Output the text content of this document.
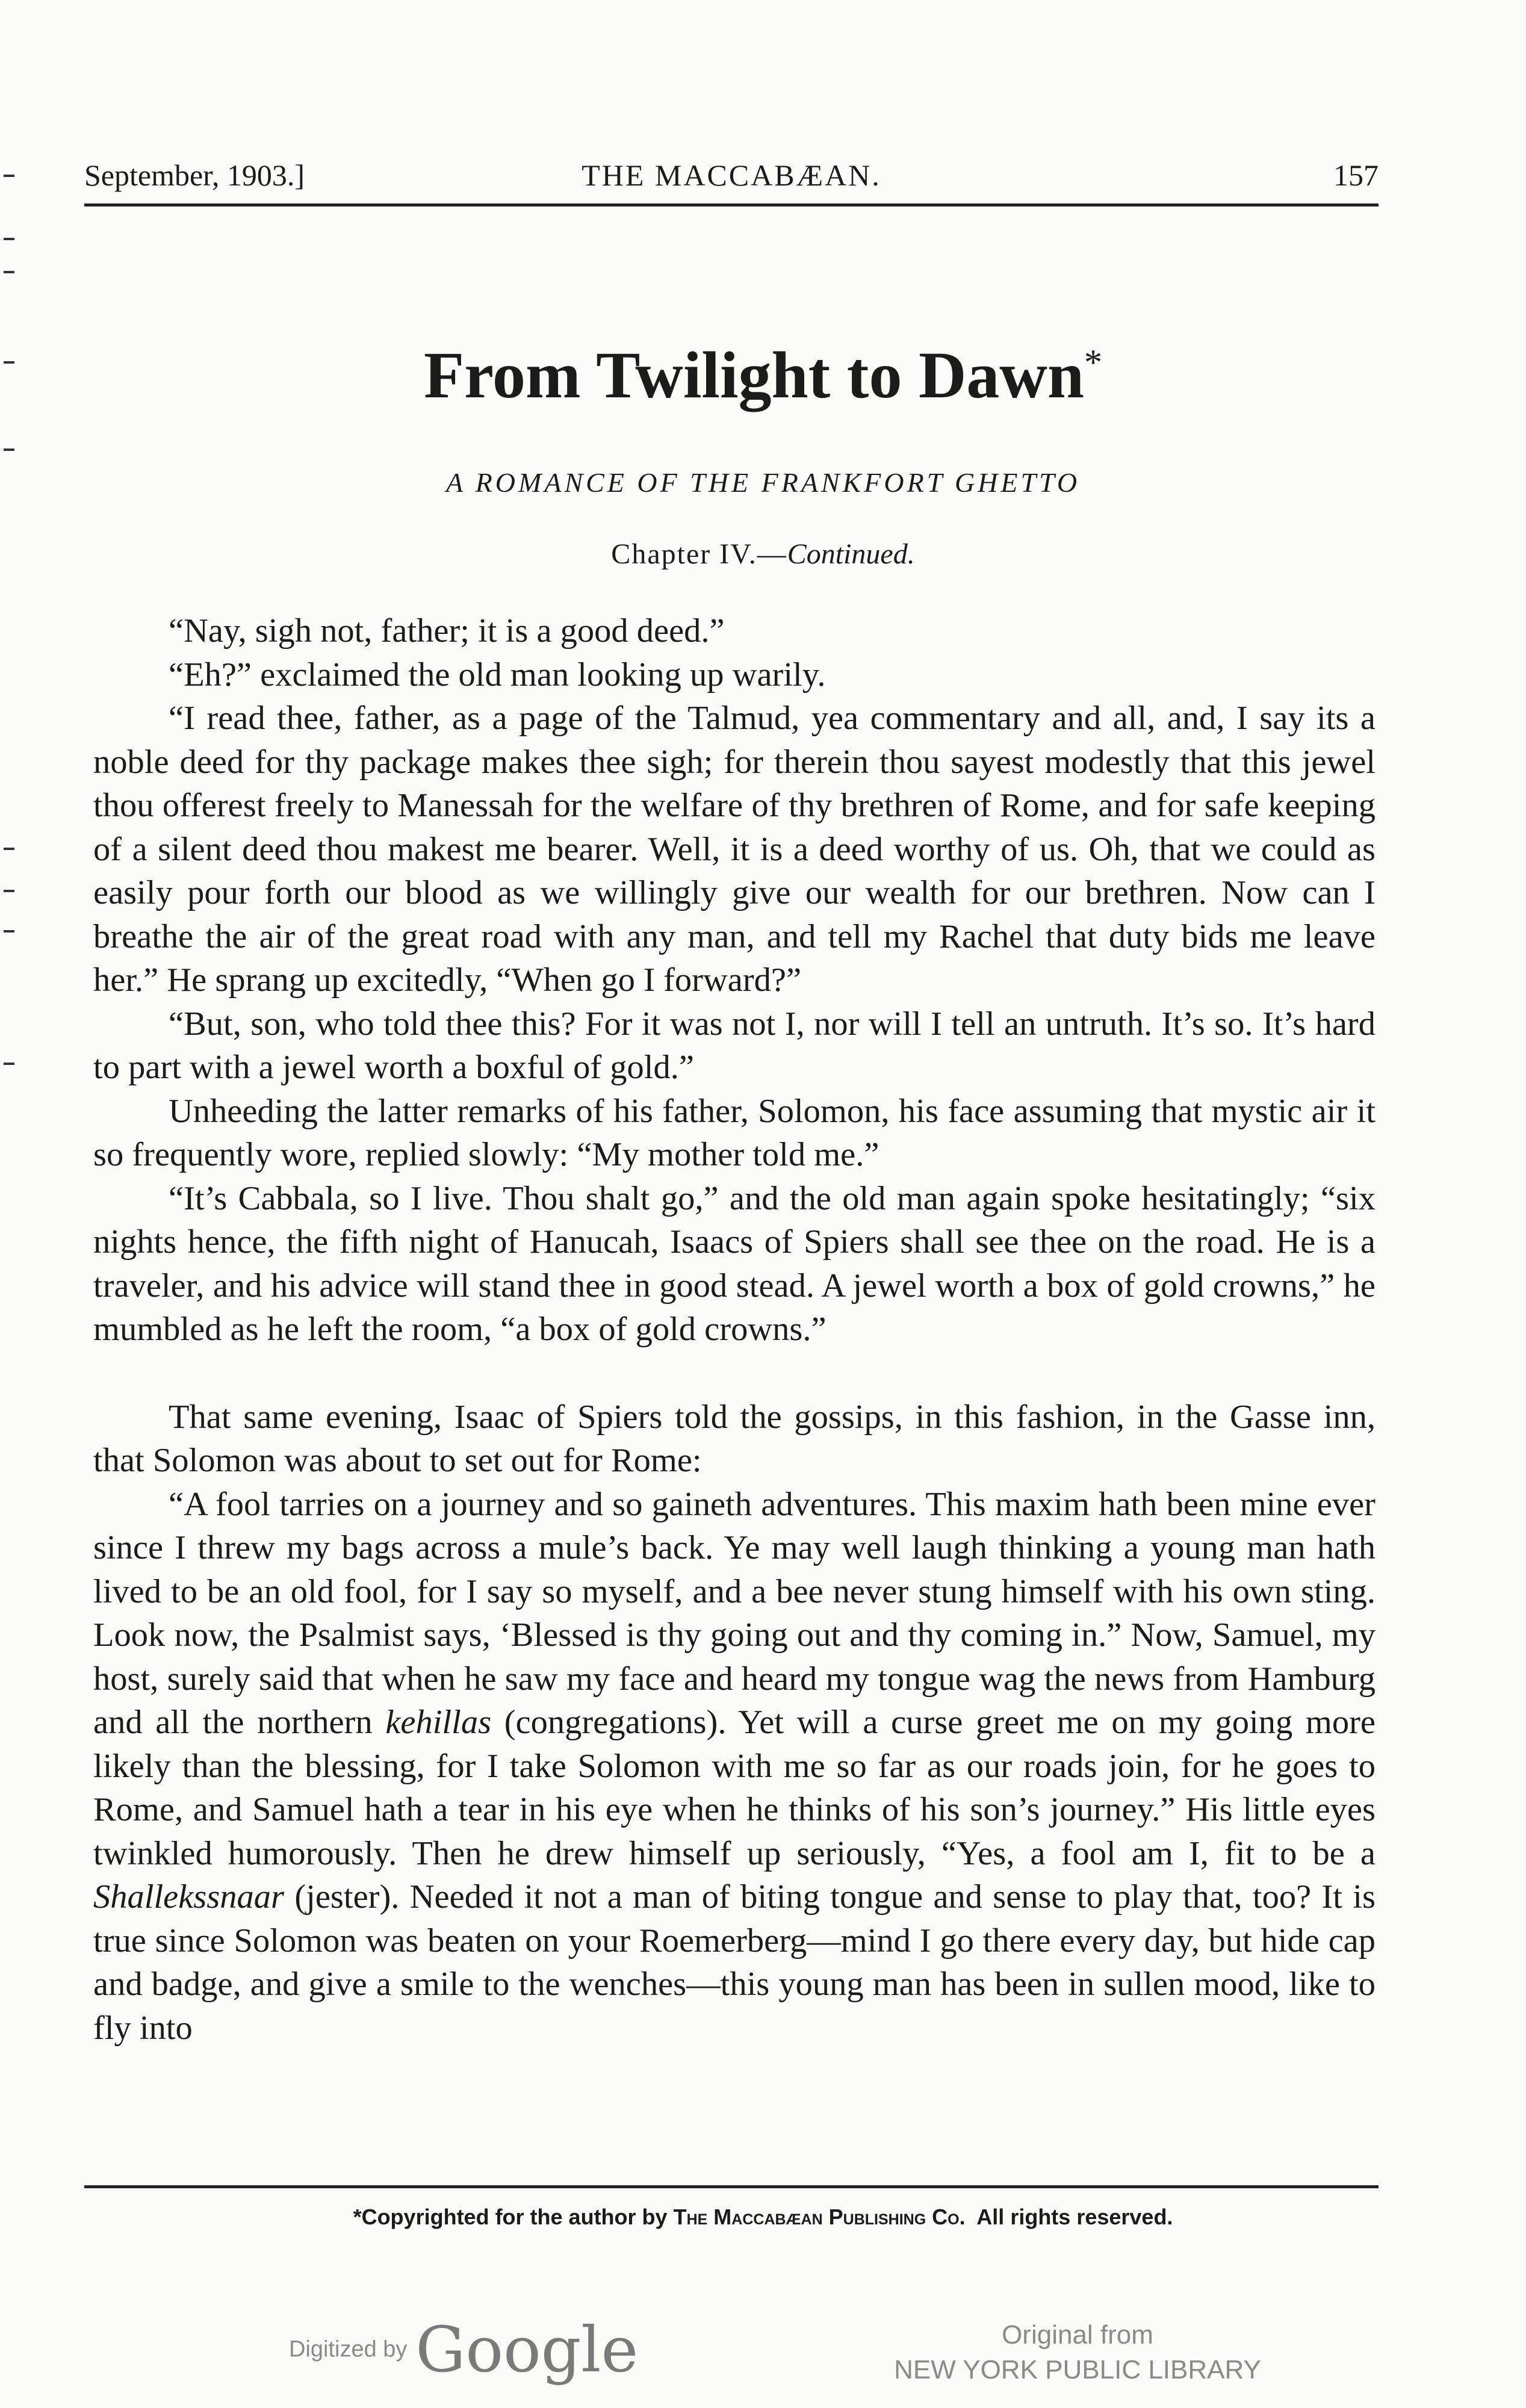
September, 1903.]	THE MACCABÆAN.	157
From Twilight to Dawn*
A ROMANCE OF THE FRANKFORT GHETTO
Chapter IV.—Continued.

“Nay, sigh not, father; it is a good deed.”

“Eh?” exclaimed the old man looking up warily.

“I read thee, father, as a page of the Talmud, yea commentary and all, and, I say its a noble deed for thy package makes thee sigh; for therein thou sayest modestly that this jewel thou offerest freely to Manessah for the welfare of thy brethren of Rome, and for safe keeping of a silent deed thou makest me bearer. Well, it is a deed worthy of us. Oh, that we could as easily pour forth our blood as we willingly give our wealth for our brethren. Now can I breathe the air of the great road with any man, and tell my Rachel that duty bids me leave her.” He sprang up excitedly, “When go I forward?”

“But, son, who told thee this? For it was not I, nor will I tell an untruth. It’s so. It’s hard to part with a jewel worth a boxful of gold.”

Unheeding the latter remarks of his father, Solomon, his face assuming that mystic air it so frequently wore, replied slowly: “My mother told me.”

“It’s Cabbala, so I live. Thou shalt go,” and the old man again spoke hesitatingly; “six nights hence, the fifth night of Hanucah, Isaacs of Spiers shall see thee on the road. He is a traveler, and his advice will stand thee in good stead. A jewel worth a box of gold crowns,” he mumbled as he left the room, “a box of gold crowns.”

That same evening, Isaac of Spiers told the gossips, in this fashion, in the Gasse inn, that Solomon was about to set out for Rome:

“A fool tarries on a journey and so gaineth adventures. This maxim hath been mine ever since I threw my bags across a mule’s back. Ye may well laugh thinking a young man hath lived to be an old fool, for I say so myself, and a bee never stung himself with his own sting. Look now, the Psalmist says, ‘Blessed is thy going out and thy coming in.” Now, Samuel, my host, surely said that when he saw my face and heard my tongue wag the news from Hamburg and all the northern kehillas (congregations). Yet will a curse greet me on my going more likely than the blessing, for I take Solomon with me so far as our roads join, for he goes to Rome, and Samuel hath a tear in his eye when he thinks of his son’s journey.” His little eyes twinkled humorously. Then he drew himself up seriously, “Yes, a fool am I, fit to be a Shallekssnaar (jester). Needed it not a man of biting tongue and sense to play that, too? It is true since Solomon was beaten on your Roemerberg—mind I go there every day, but hide cap and badge, and give a smile to the wenches—this young man has been in sullen mood, like to fly into

*Copyrighted for the author by The Maccabæan Publishing Co.  All rights reserved.
Digitized by Google	Original from
NEW YORK PUBLIC LIBRARY
